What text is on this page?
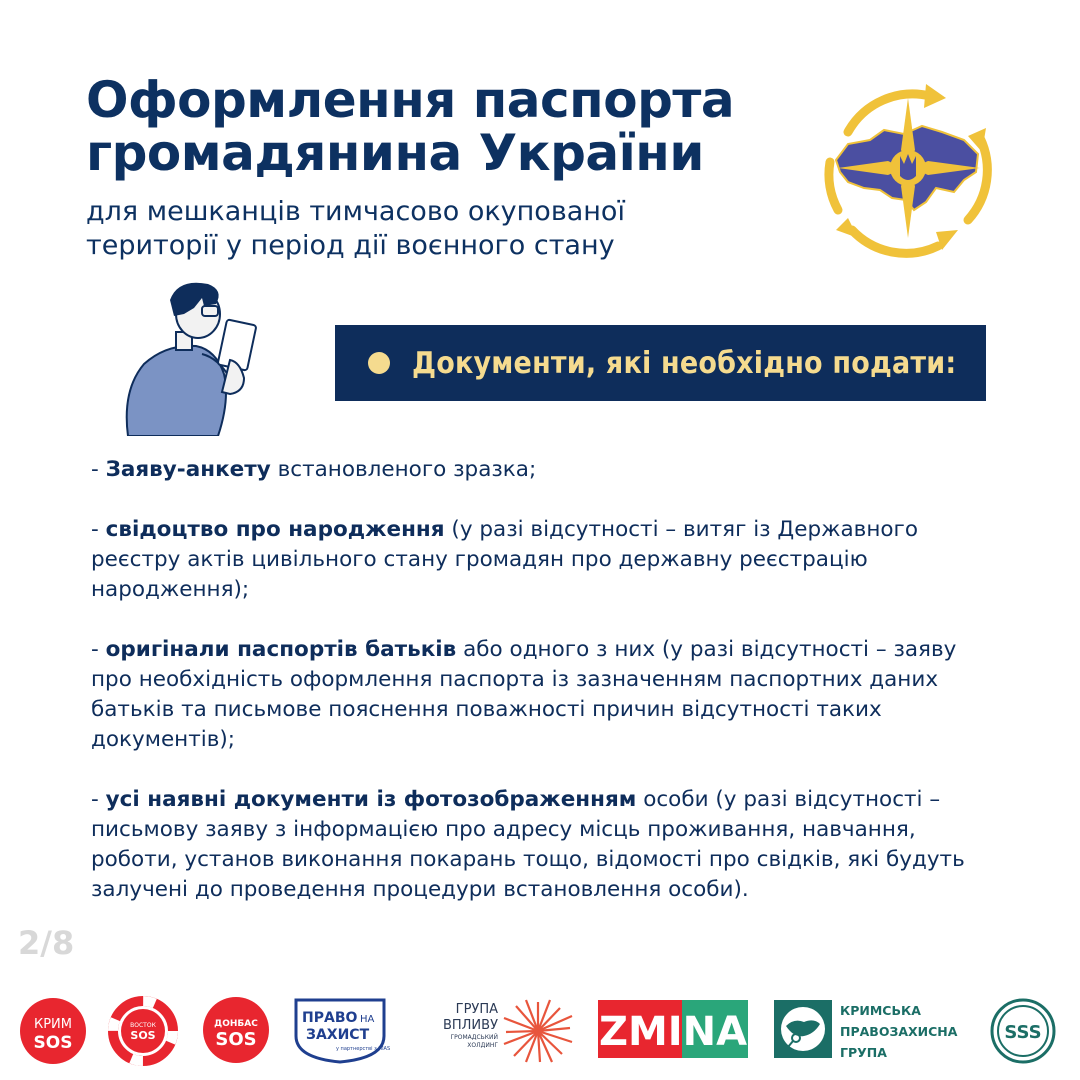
Оформлення паспорта
громадянина України
для мешканців тимчасово окупованої
території у період дії воєнного стану
Документи, які необхідно подати:

- Заяву-анкету встановленого зразка;

- свідоцтво про народження (у разі відсутності – витяг із Державного реєстру актів цивільного стану громадян про державну реєстрацію народження);

- оригінали паспортів батьків або одного з них (у разі відсутності – заяву про необхідність оформлення паспорта із зазначенням паспортних даних батьків та письмове пояснення поважності причин відсутності таких документів);

- усі наявні документи із фотозображенням особи (у разі відсутності – письмову заяву з інформацією про адресу місць проживання, навчання, роботи, установ виконання покарань тощо, відомості про свідків, які будуть залучені до проведення процедури встановлення особи).

2/8
КРИМ
SOS
ВОСТОК
SOS
ДОНБАС
SOS
ПРАВО НА
ЗАХИСТ
у партнерстві з HIAS
ГРУПА
ВПЛИВУ
ГРОМАДСЬКИЙ
ХОЛДИНГ	ZMINA	КРИМСЬКА
ПРАВОЗАХИСНА
ГРУПА
SSS
